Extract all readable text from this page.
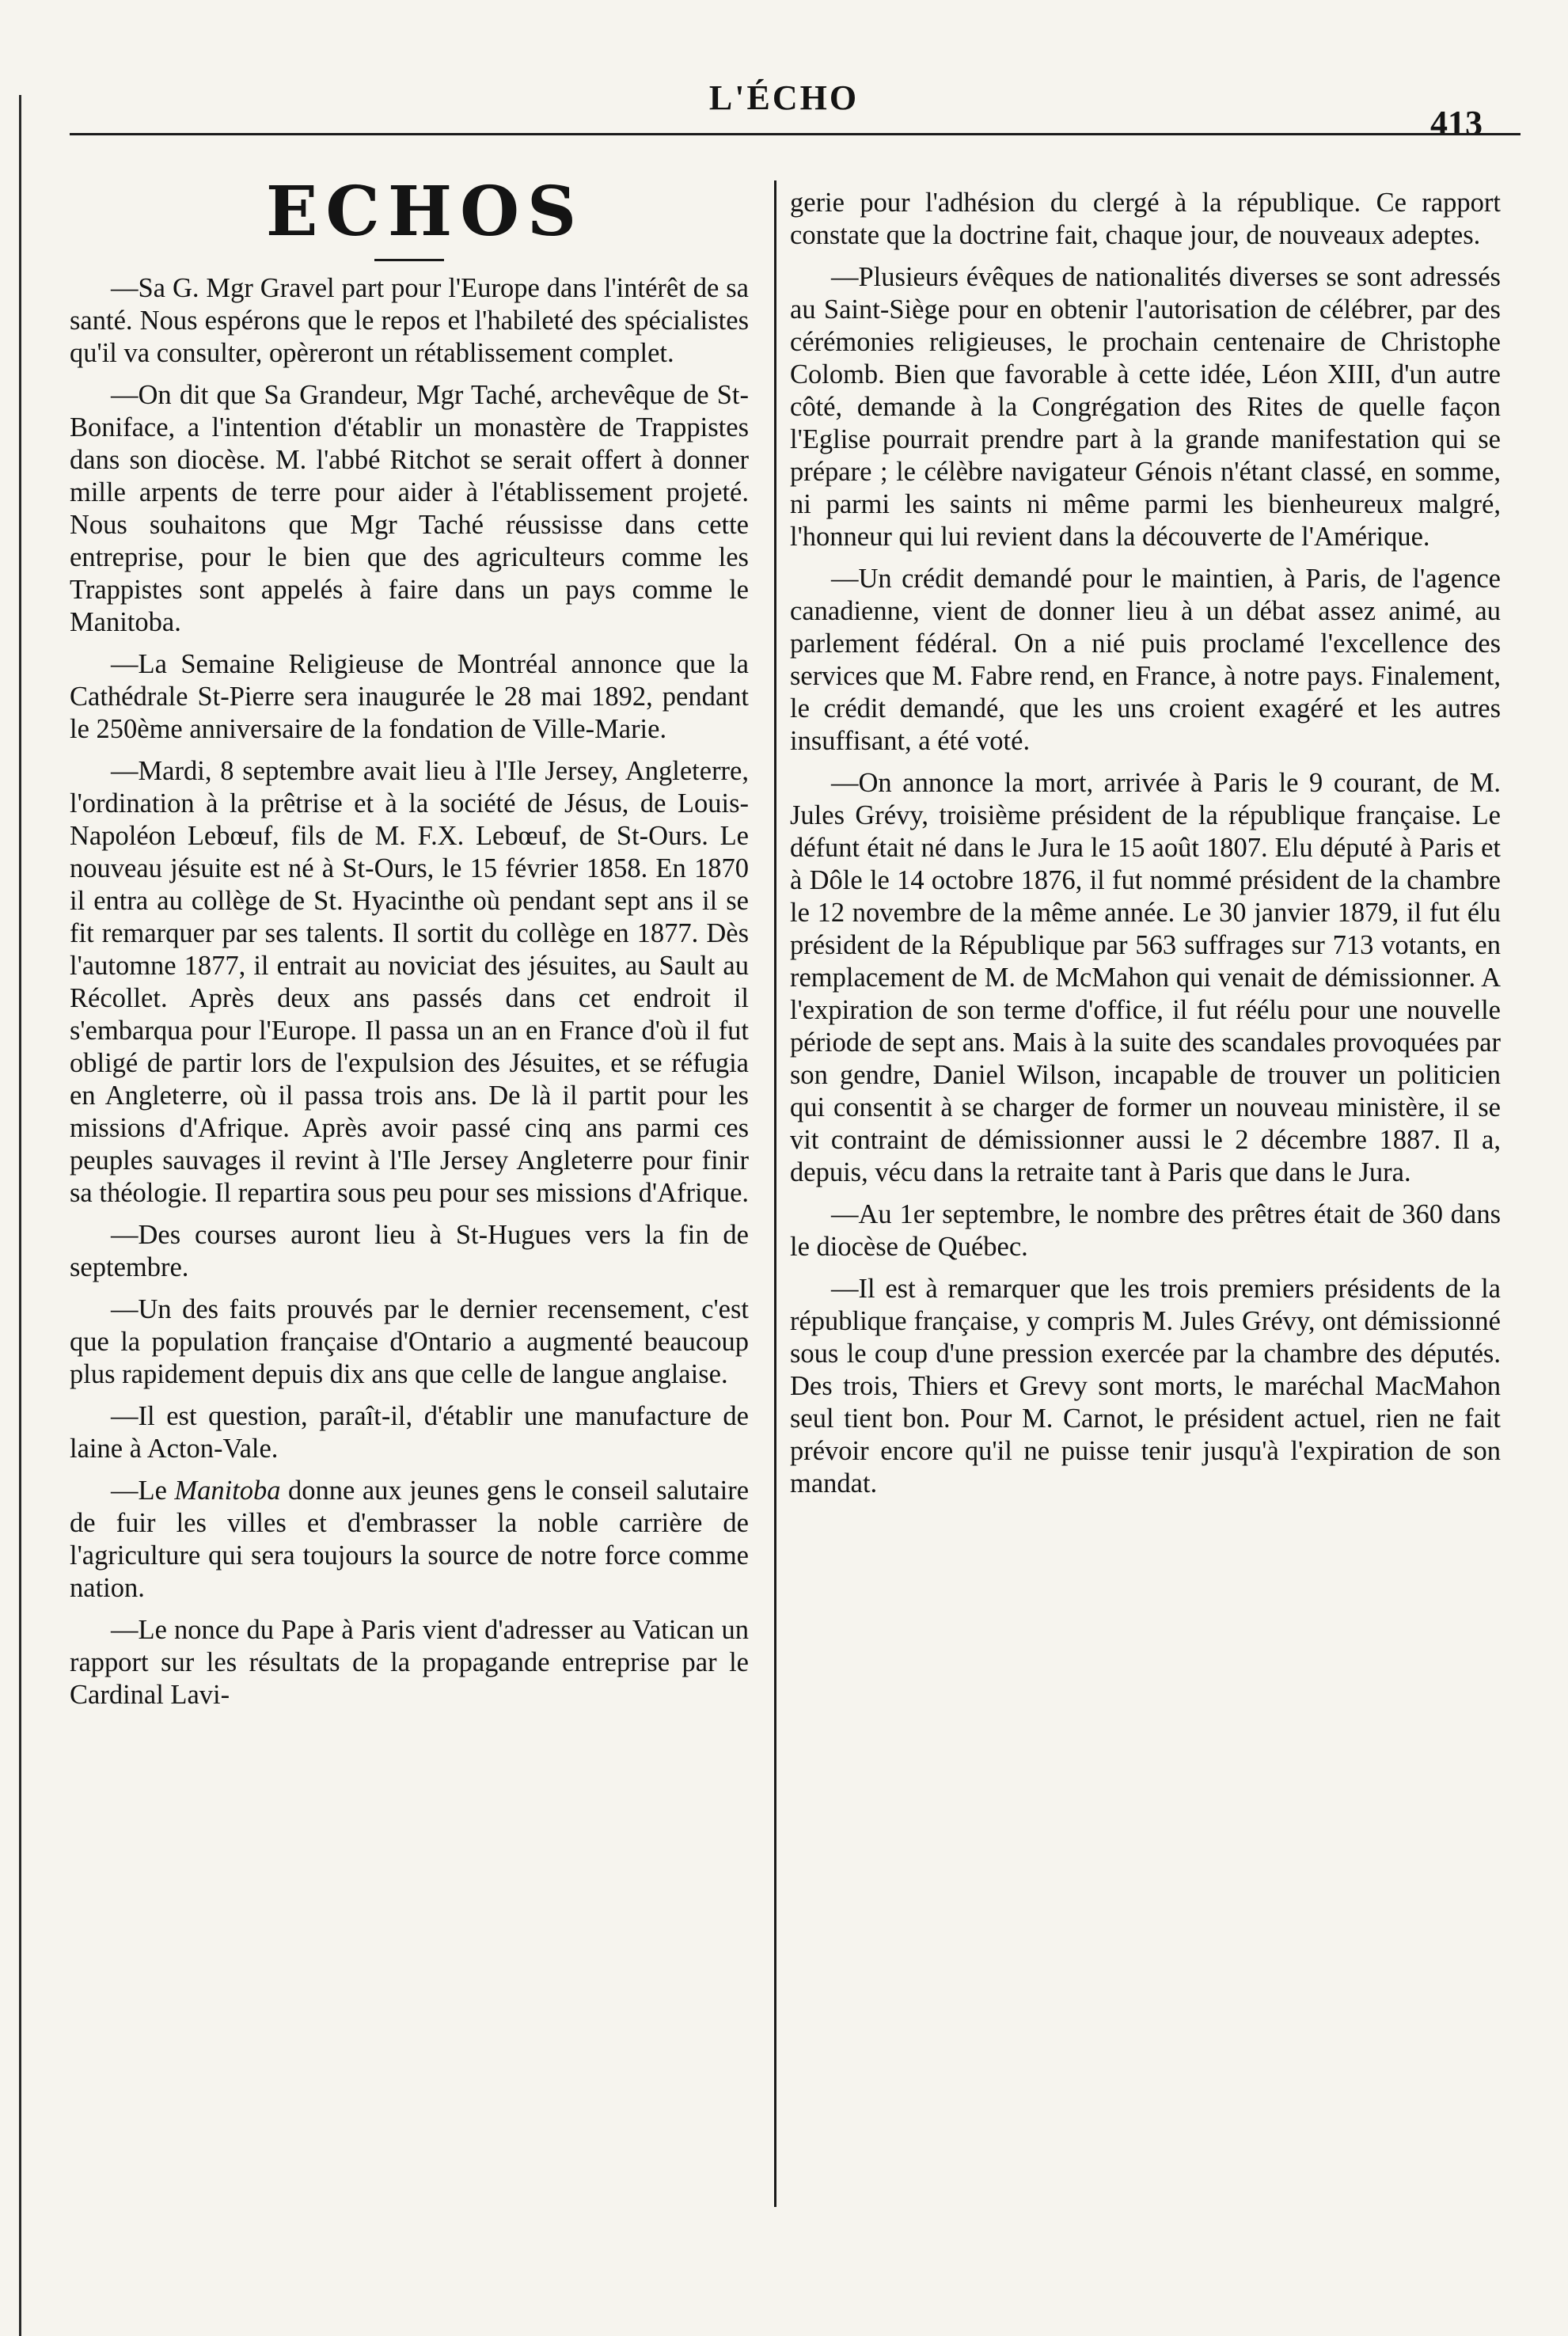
L'ÉCHO
413
ECHOS

—Sa G. Mgr Gravel part pour l'Europe dans l'intérêt de sa santé. Nous espérons que le repos et l'habileté des spécialistes qu'il va consulter, opèreront un rétablissement complet.

—On dit que Sa Grandeur, Mgr Taché, archevêque de St-Boniface, a l'intention d'établir un monastère de Trappistes dans son diocèse. M. l'abbé Ritchot se serait offert à donner mille arpents de terre pour aider à l'établissement projeté. Nous souhaitons que Mgr Taché réussisse dans cette entreprise, pour le bien que des agriculteurs comme les Trappistes sont appelés à faire dans un pays comme le Manitoba.

—La Semaine Religieuse de Montréal annonce que la Cathédrale St-Pierre sera inaugurée le 28 mai 1892, pendant le 250ème anniversaire de la fondation de Ville-Marie.

—Mardi, 8 septembre avait lieu à l'Ile Jersey, Angleterre, l'ordination à la prêtrise et à la société de Jésus, de Louis-Napoléon Lebœuf, fils de M. F.X. Lebœuf, de St-Ours. Le nouveau jésuite est né à St-Ours, le 15 février 1858. En 1870 il entra au collège de St. Hyacinthe où pendant sept ans il se fit remarquer par ses talents. Il sortit du collège en 1877. Dès l'automne 1877, il entrait au noviciat des jésuites, au Sault au Récollet. Après deux ans passés dans cet endroit il s'embarqua pour l'Europe. Il passa un an en France d'où il fut obligé de partir lors de l'expulsion des Jésuites, et se réfugia en Angleterre, où il passa trois ans. De là il partit pour les missions d'Afrique. Après avoir passé cinq ans parmi ces peuples sauvages il revint à l'Ile Jersey Angleterre pour finir sa théologie. Il repartira sous peu pour ses missions d'Afrique.

—Des courses auront lieu à St-Hugues vers la fin de septembre.

—Un des faits prouvés par le dernier recensement, c'est que la population française d'Ontario a augmenté beaucoup plus rapidement depuis dix ans que celle de langue anglaise.

—Il est question, paraît-il, d'établir une manufacture de laine à Acton-Vale.

—Le Manitoba donne aux jeunes gens le conseil salutaire de fuir les villes et d'embrasser la noble carrière de l'agriculture qui sera toujours la source de notre force comme nation.

—Le nonce du Pape à Paris vient d'adresser au Vatican un rapport sur les résultats de la propagande entreprise par le Cardinal Lavi-

gerie pour l'adhésion du clergé à la république. Ce rapport constate que la doctrine fait, chaque jour, de nouveaux adeptes.

—Plusieurs évêques de nationalités diverses se sont adressés au Saint-Siège pour en obtenir l'autorisation de célébrer, par des cérémonies religieuses, le prochain centenaire de Christophe Colomb. Bien que favorable à cette idée, Léon XIII, d'un autre côté, demande à la Congrégation des Rites de quelle façon l'Eglise pourrait prendre part à la grande manifestation qui se prépare ; le célèbre navigateur Génois n'étant classé, en somme, ni parmi les saints ni même parmi les bienheureux malgré, l'honneur qui lui revient dans la découverte de l'Amérique.

—Un crédit demandé pour le maintien, à Paris, de l'agence canadienne, vient de donner lieu à un débat assez animé, au parlement fédéral. On a nié puis proclamé l'excellence des services que M. Fabre rend, en France, à notre pays. Finalement, le crédit demandé, que les uns croient exagéré et les autres insuffisant, a été voté.

—On annonce la mort, arrivée à Paris le 9 courant, de M. Jules Grévy, troisième président de la république française. Le défunt était né dans le Jura le 15 août 1807. Elu député à Paris et à Dôle le 14 octobre 1876, il fut nommé président de la chambre le 12 novembre de la même année. Le 30 janvier 1879, il fut élu président de la République par 563 suffrages sur 713 votants, en remplacement de M. de McMahon qui venait de démissionner. A l'expiration de son terme d'office, il fut réélu pour une nouvelle période de sept ans. Mais à la suite des scandales provoquées par son gendre, Daniel Wilson, incapable de trouver un politicien qui consentit à se charger de former un nouveau ministère, il se vit contraint de démissionner aussi le 2 décembre 1887. Il a, depuis, vécu dans la retraite tant à Paris que dans le Jura.

—Au 1er septembre, le nombre des prêtres était de 360 dans le diocèse de Québec.

—Il est à remarquer que les trois premiers présidents de la république française, y compris M. Jules Grévy, ont démissionné sous le coup d'une pression exercée par la chambre des députés. Des trois, Thiers et Grevy sont morts, le maréchal MacMahon seul tient bon. Pour M. Carnot, le président actuel, rien ne fait prévoir encore qu'il ne puisse tenir jusqu'à l'expiration de son mandat.
